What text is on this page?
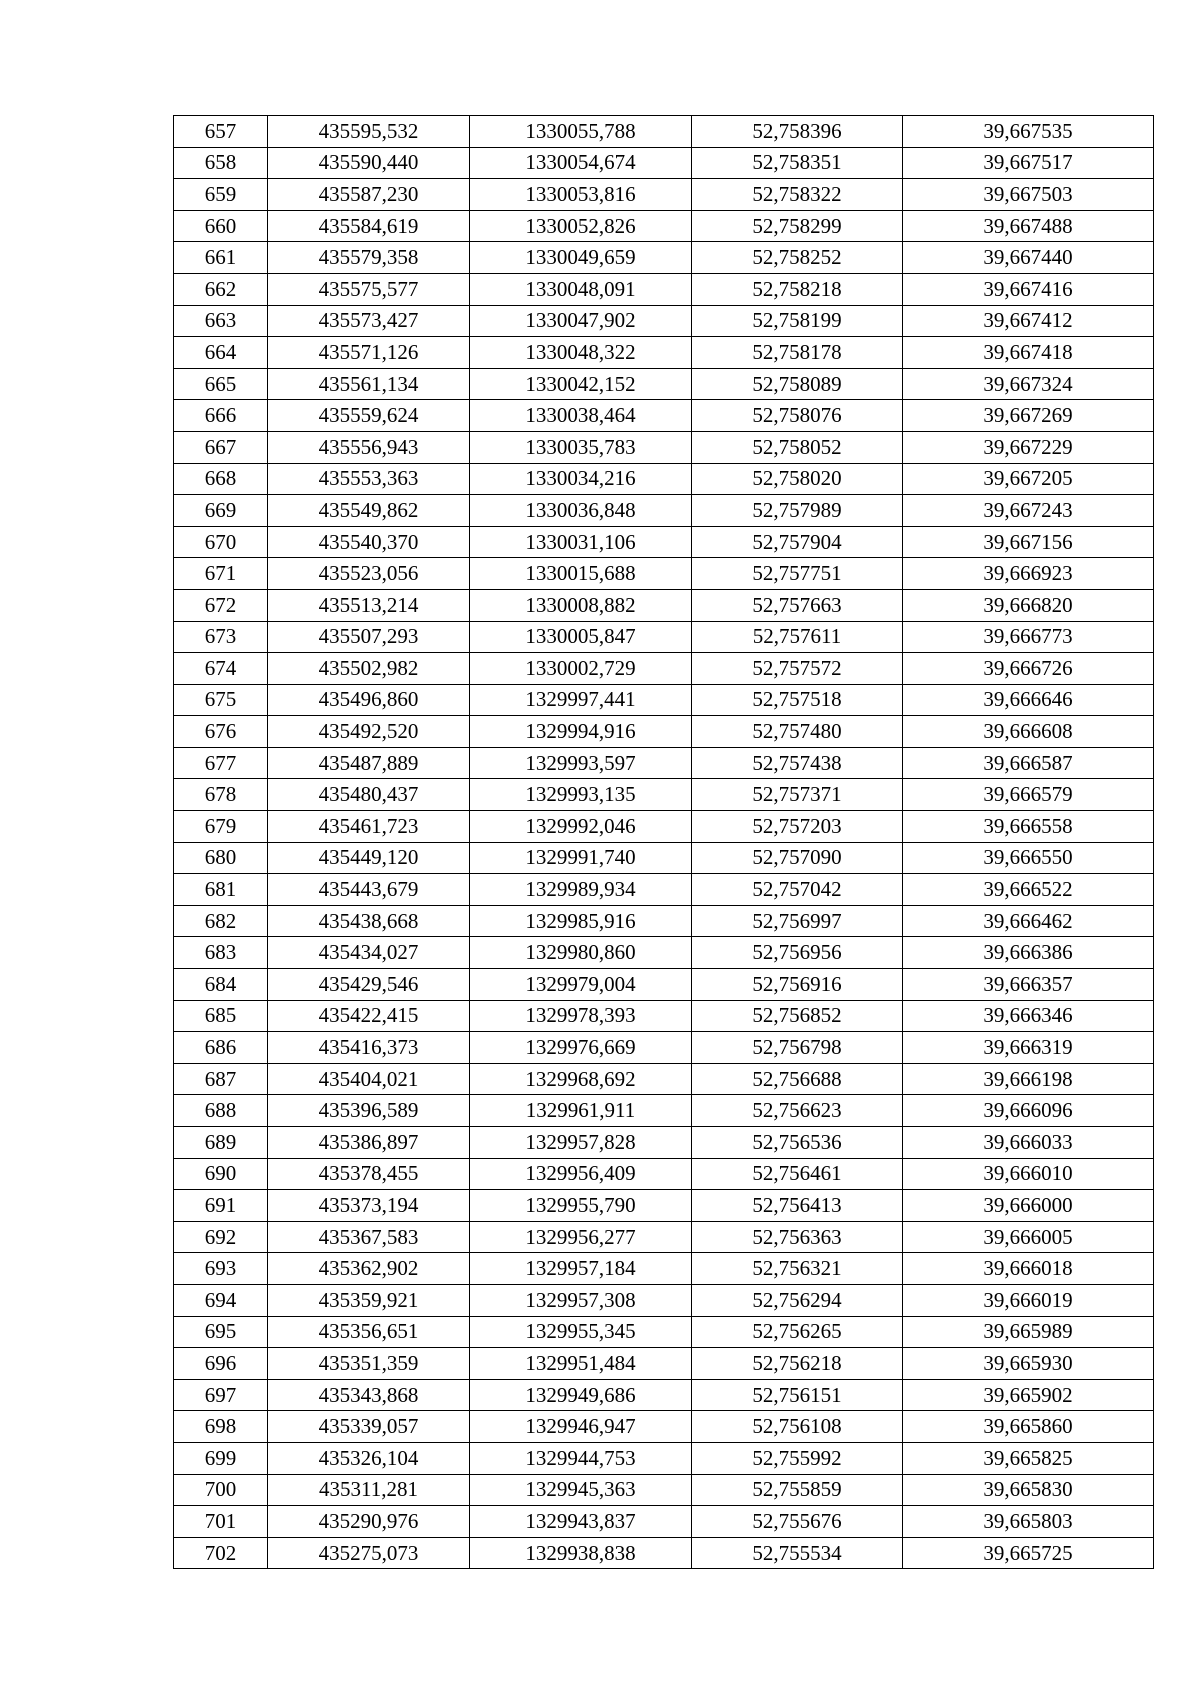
657	435595,532	1330055,788	52,758396	39,667535
658	435590,440	1330054,674	52,758351	39,667517
659	435587,230	1330053,816	52,758322	39,667503
660	435584,619	1330052,826	52,758299	39,667488
661	435579,358	1330049,659	52,758252	39,667440
662	435575,577	1330048,091	52,758218	39,667416
663	435573,427	1330047,902	52,758199	39,667412
664	435571,126	1330048,322	52,758178	39,667418
665	435561,134	1330042,152	52,758089	39,667324
666	435559,624	1330038,464	52,758076	39,667269
667	435556,943	1330035,783	52,758052	39,667229
668	435553,363	1330034,216	52,758020	39,667205
669	435549,862	1330036,848	52,757989	39,667243
670	435540,370	1330031,106	52,757904	39,667156
671	435523,056	1330015,688	52,757751	39,666923
672	435513,214	1330008,882	52,757663	39,666820
673	435507,293	1330005,847	52,757611	39,666773
674	435502,982	1330002,729	52,757572	39,666726
675	435496,860	1329997,441	52,757518	39,666646
676	435492,520	1329994,916	52,757480	39,666608
677	435487,889	1329993,597	52,757438	39,666587
678	435480,437	1329993,135	52,757371	39,666579
679	435461,723	1329992,046	52,757203	39,666558
680	435449,120	1329991,740	52,757090	39,666550
681	435443,679	1329989,934	52,757042	39,666522
682	435438,668	1329985,916	52,756997	39,666462
683	435434,027	1329980,860	52,756956	39,666386
684	435429,546	1329979,004	52,756916	39,666357
685	435422,415	1329978,393	52,756852	39,666346
686	435416,373	1329976,669	52,756798	39,666319
687	435404,021	1329968,692	52,756688	39,666198
688	435396,589	1329961,911	52,756623	39,666096
689	435386,897	1329957,828	52,756536	39,666033
690	435378,455	1329956,409	52,756461	39,666010
691	435373,194	1329955,790	52,756413	39,666000
692	435367,583	1329956,277	52,756363	39,666005
693	435362,902	1329957,184	52,756321	39,666018
694	435359,921	1329957,308	52,756294	39,666019
695	435356,651	1329955,345	52,756265	39,665989
696	435351,359	1329951,484	52,756218	39,665930
697	435343,868	1329949,686	52,756151	39,665902
698	435339,057	1329946,947	52,756108	39,665860
699	435326,104	1329944,753	52,755992	39,665825
700	435311,281	1329945,363	52,755859	39,665830
701	435290,976	1329943,837	52,755676	39,665803
702	435275,073	1329938,838	52,755534	39,665725
